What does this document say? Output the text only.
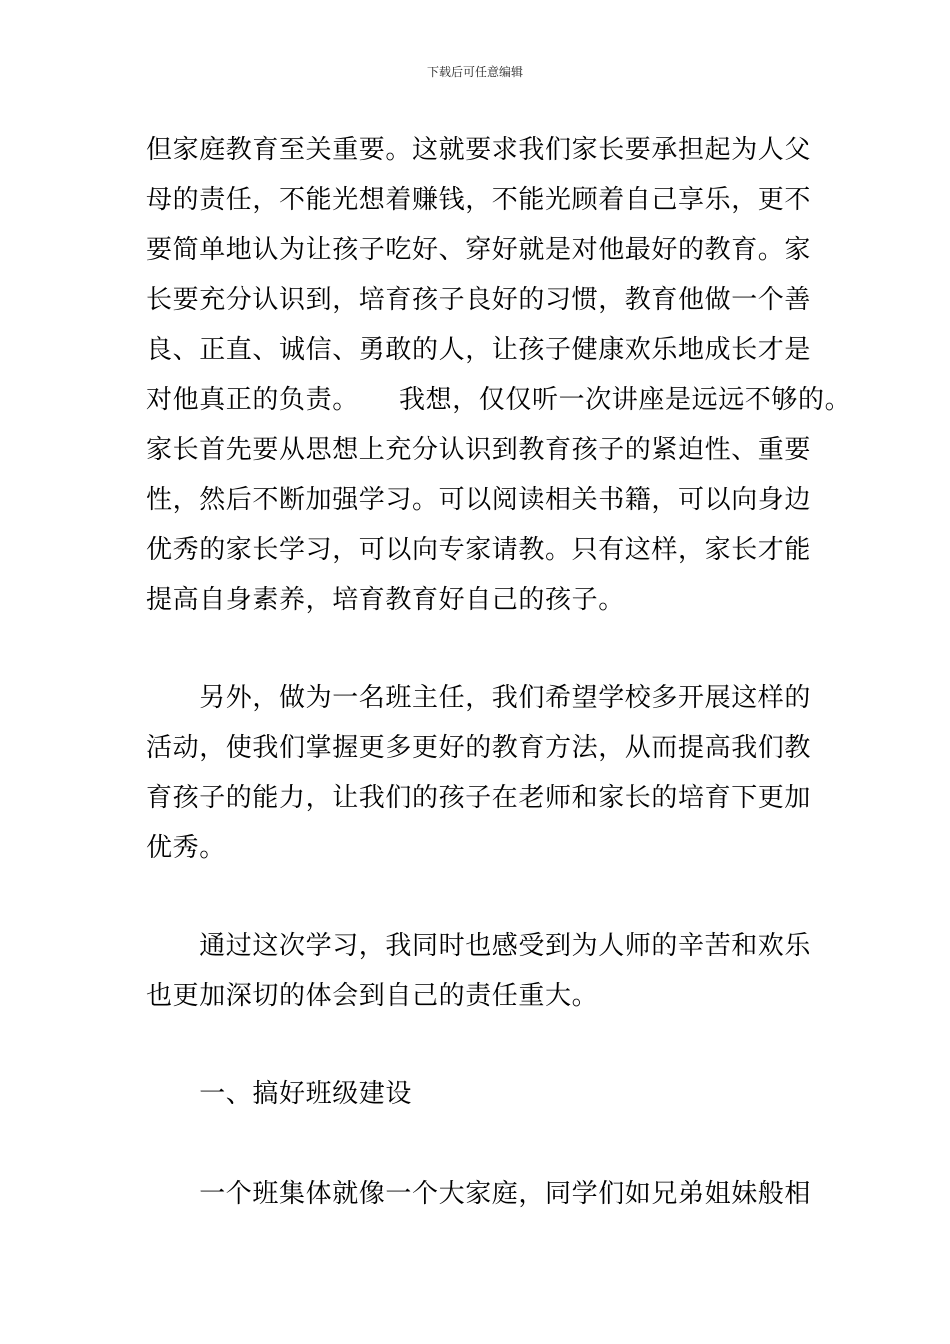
下载后可任意编辑
但家庭教育至关重要。这就要求我们家长要承担起为人父
母的责任，不能光想着赚钱，不能光顾着自己享乐，更不
要简单地认为让孩子吃好、穿好就是对他最好的教育。家
长要充分认识到，培育孩子良好的习惯，教育他做一个善
良、正直、诚信、勇敢的人，让孩子健康欢乐地成长才是
对他真正的负责。　　我想，仅仅听一次讲座是远远不够的。
家长首先要从思想上充分认识到教育孩子的紧迫性、重要
性，然后不断加强学习。可以阅读相关书籍，可以向身边
优秀的家长学习，可以向专家请教。只有这样，家长才能
提高自身素养，培育教育好自己的孩子。
　　另外，做为一名班主任，我们希望学校多开展这样的
活动，使我们掌握更多更好的教育方法，从而提高我们教
育孩子的能力，让我们的孩子在老师和家长的培育下更加
优秀。
　　通过这次学习，我同时也感受到为人师的辛苦和欢乐
也更加深切的体会到自己的责任重大。
　　一、搞好班级建设
　　一个班集体就像一个大家庭，同学们如兄弟姐妹般相
